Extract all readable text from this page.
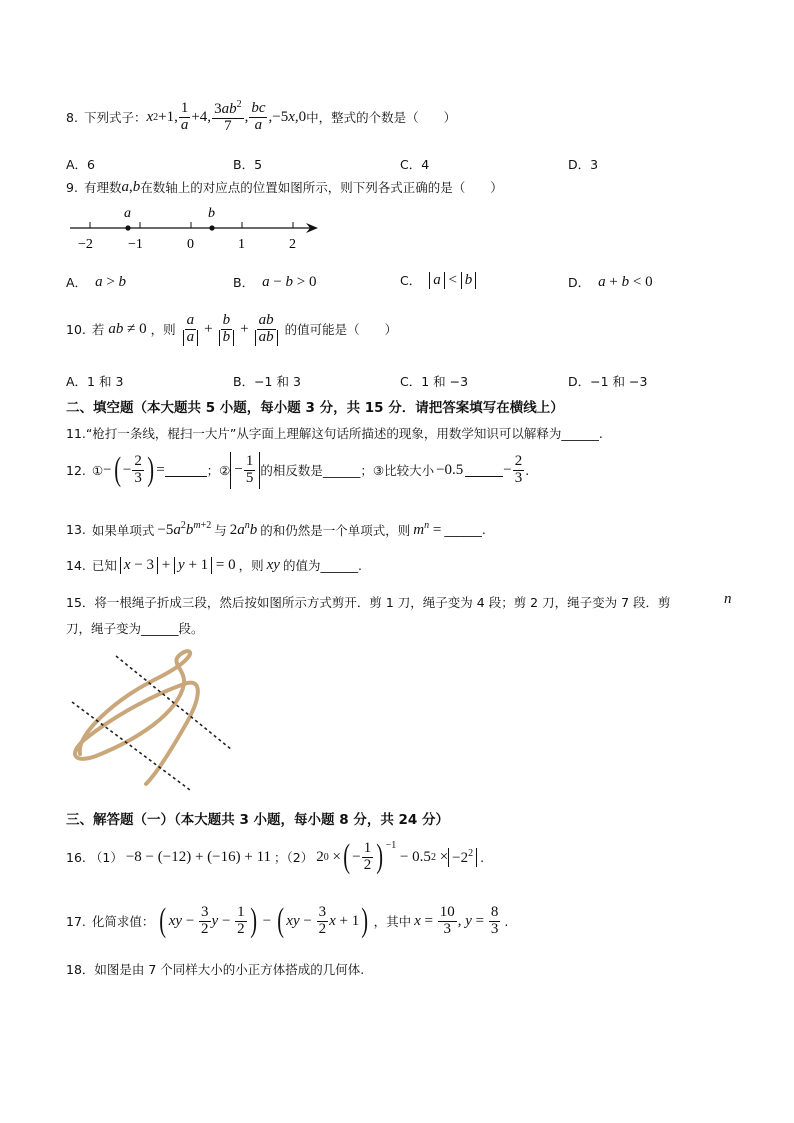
8. 下列式子： x 2 +1, $\frac{1}{a} +4$, $\frac{3ab^2}{7}$ , $\frac{bc}{a} ,-5$ x ,0 中，整式的个数是（　　）
A．6	B．5	C．4	D．3
9. 有理数 a,b 在数轴上的对应点的位置如图所示，则下列各式正确的是（　　）
a	b
−2	−1	0	1	2
A． a > b	B． a − b > 0	C． a < b	D． a + b < 0
10. 若 ab ≠ 0 ，则 $\frac{a}{a} + \frac{b}{b} + \frac{ab}{ab}$ 的值可能是（　　）
A．1 和 3	B．−1 和 3	C．1 和 −3	D．−1 和 −3
二、填空题（本大题共 5 小题，每小题 3 分，共 15 分．请把答案填写在横线上）
11.“枪打一条线，棍扫一大片”从字面上理解这句话所描述的现象，用数学知识可以解释为______.
12. ① − ( − $\frac{2}{3}$ ) =	；② − $\frac{1}{5}$ 的相反数是______；③比较大小 −0.5	− $\frac{2}{3}$ .
13. 如果单项式 $-5a^2b^{m+2}$ 与 $2a^nb$ 的和仍然是一个单项式，则 $m^n$ = ______.
14. 已知 x − 3 + y + 1 = 0 ，则 xy 的值为______.
15．将一根绳子折成三段，然后按如图所示方式剪开．剪 1 刀，绳子变为 4 段；剪 2 刀，绳子变为 7 段．剪	n
刀，绳子变为______段。
三、解答题（一）（本大题共 3 小题，每小题 8 分，共 24 分）
16. （1） −8 − (−12) + (−16) + 11 ；（2） 2 0 × ( − $\frac{1}{2} )^{-1}$
− 0.5 $2 \times -2^2$ .
17. 化简求值： ( xy − $\frac{3}{2}$ $y - \frac{1}{2}$ ) − ( xy − $\frac{3}{2}$ x + 1 ) ，其中 $x = \frac{10}{3}$ , $y = \frac{8}{3}$ .
18．如图是由 7 个同样大小的小正方体搭成的几何体.
